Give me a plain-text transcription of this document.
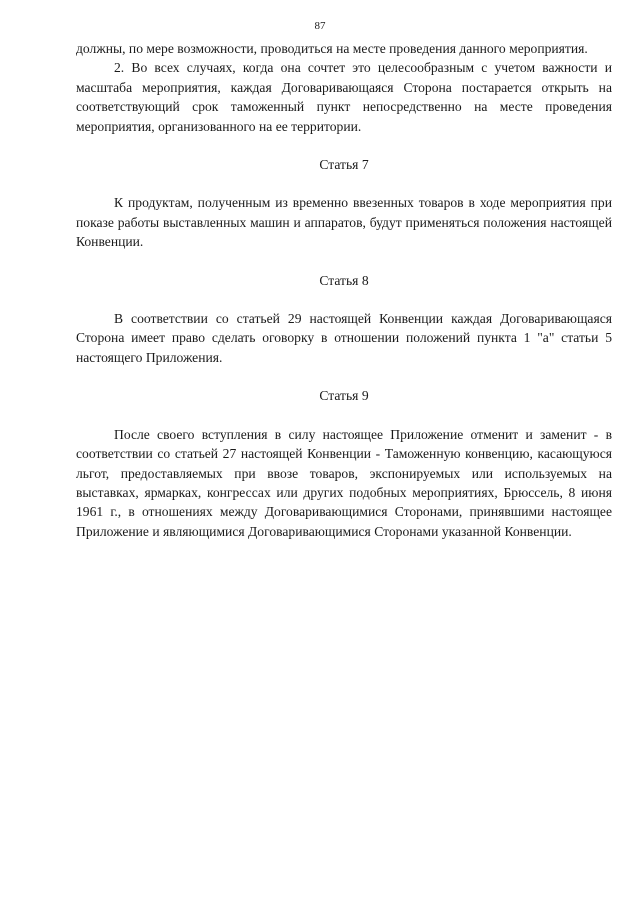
87

должны, по мере возможности, проводиться на месте проведения данного мероприятия.

2. Во всех случаях, когда она сочтет это целесообразным с учетом важности и масштаба мероприятия, каждая Договаривающаяся Сторона постарается открыть на соответствующий срок таможенный пункт непосредственно на месте проведения мероприятия, организованного на ее территории.

Статья 7

К продуктам, полученным из временно ввезенных товаров в ходе мероприятия при показе работы выставленных машин и аппаратов, будут применяться положения настоящей Конвенции.

Статья 8

В соответствии со статьей 29 настоящей Конвенции каждая Договаривающаяся Сторона имеет право сделать оговорку в отношении положений пункта 1 "а" статьи 5 настоящего Приложения.

Статья 9

После своего вступления в силу настоящее Приложение отменит и заменит - в соответствии со статьей 27 настоящей Конвенции - Таможенную конвенцию, касающуюся льгот, предоставляемых при ввозе товаров, экспонируемых или используемых на выставках, ярмарках, конгрессах или других подобных мероприятиях, Брюссель, 8 июня 1961 г., в отношениях между Договаривающимися Сторонами, принявшими настоящее Приложение и являющимися Договаривающимися Сторонами указанной Конвенции.
